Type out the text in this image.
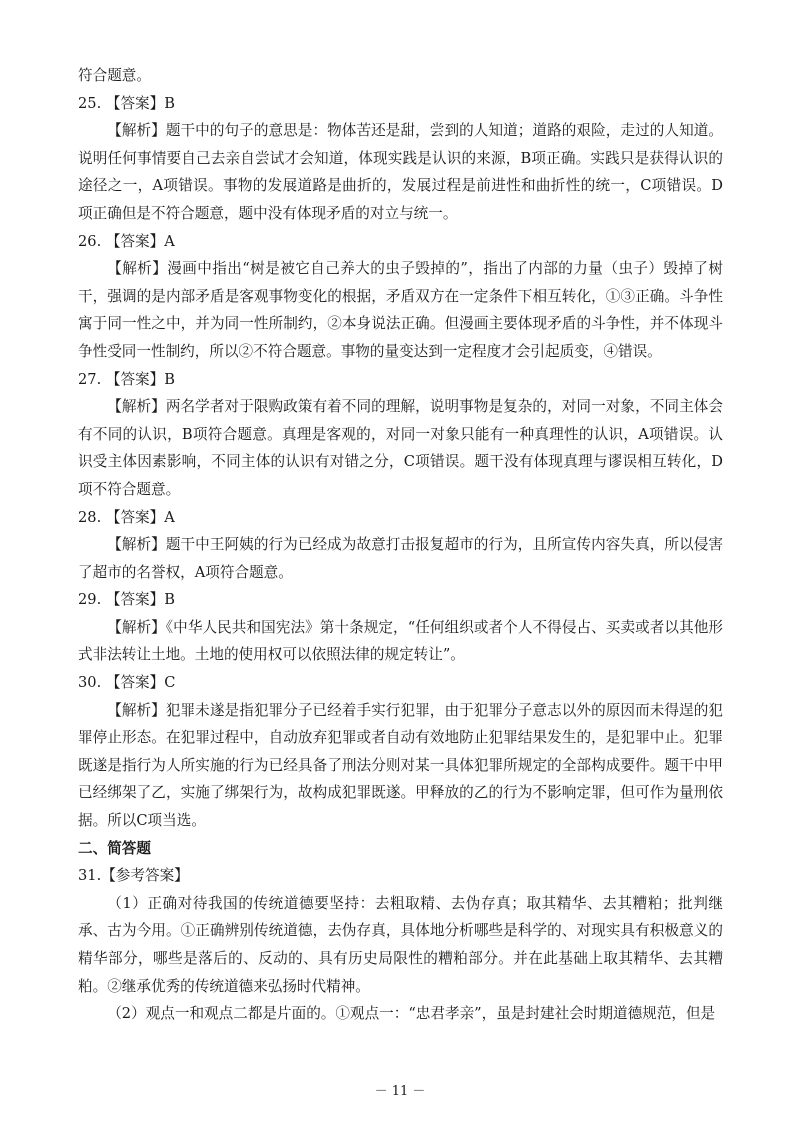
符合题意。

25. 【答案】B

【解析】题干中的句子的意思是：物体苦还是甜，尝到的人知道；道路的艰险，走过的人知道。说明任何事情要自己去亲自尝试才会知道，体现实践是认识的来源，B项正确。实践只是获得认识的途径之一，A项错误。事物的发展道路是曲折的，发展过程是前进性和曲折性的统一，C项错误。D项正确但是不符合题意，题中没有体现矛盾的对立与统一。

26. 【答案】A

【解析】漫画中指出“树是被它自己养大的虫子毁掉的”，指出了内部的力量（虫子）毁掉了树干，强调的是内部矛盾是客观事物变化的根据，矛盾双方在一定条件下相互转化，①③正确。斗争性寓于同一性之中，并为同一性所制约，②本身说法正确。但漫画主要体现矛盾的斗争性，并不体现斗争性受同一性制约，所以②不符合题意。事物的量变达到一定程度才会引起质变，④错误。

27. 【答案】B

【解析】两名学者对于限购政策有着不同的理解，说明事物是复杂的，对同一对象，不同主体会有不同的认识，B项符合题意。真理是客观的，对同一对象只能有一种真理性的认识，A项错误。认识受主体因素影响，不同主体的认识有对错之分，C项错误。题干没有体现真理与谬误相互转化，D项不符合题意。

28. 【答案】A

【解析】题干中王阿姨的行为已经成为故意打击报复超市的行为，且所宣传内容失真，所以侵害了超市的名誉权，A项符合题意。

29. 【答案】B

【解析】《中华人民共和国宪法》第十条规定，“任何组织或者个人不得侵占、买卖或者以其他形式非法转让土地。土地的使用权可以依照法律的规定转让”。

30. 【答案】C

【解析】犯罪未遂是指犯罪分子已经着手实行犯罪，由于犯罪分子意志以外的原因而未得逞的犯罪停止形态。在犯罪过程中，自动放弃犯罪或者自动有效地防止犯罪结果发生的，是犯罪中止。犯罪既遂是指行为人所实施的行为已经具备了刑法分则对某一具体犯罪所规定的全部构成要件。题干中甲已经绑架了乙，实施了绑架行为，故构成犯罪既遂。甲释放的乙的行为不影响定罪，但可作为量刑依据。所以C项当选。

二、简答题

31.【参考答案】

（1）正确对待我国的传统道德要坚持：去粗取精、去伪存真；取其精华、去其糟粕；批判继承、古为今用。①正确辨别传统道德，去伪存真，具体地分析哪些是科学的、对现实具有积极意义的精华部分，哪些是落后的、反动的、具有历史局限性的糟粕部分。并在此基础上取其精华、去其糟粕。②继承优秀的传统道德来弘扬时代精神。

（2）观点一和观点二都是片面的。①观点一：“忠君孝亲”，虽是封建社会时期道德规范，但是

－ 11 －
